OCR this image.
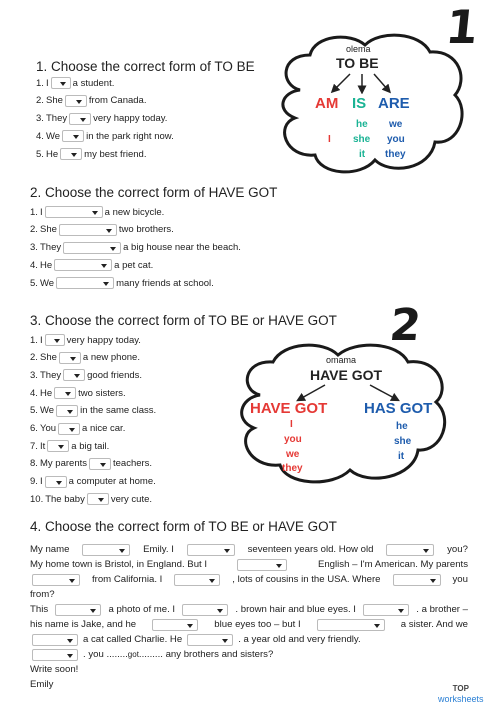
1
olema
TO BE
AM IS ARE
I
he
she
it
we
you
they
1. Choose the correct form of TO BE
1. I	a student.
2. She	from Canada.
3. They	very happy today.
4. We	in the park right now.
5. He	my best friend.
2. Choose the correct form of HAVE GOT
1. I	a new bicycle.
2. She	two brothers.
3. They	a big house near the beach.
4. He	a pet cat.
5. We	many friends at school.
3. Choose the correct form of TO BE or HAVE GOT
1. I	very happy today.
2. She	a new phone.
3. They	good friends.
4. He	two sisters.
5. We	in the same class.
6. You	a nice car.
7. It	a big tail.
8. My parents	teachers.
9. I	a computer at home.
10. The baby	very cute.
2
omama
HAVE GOT
HAVE GOT HAS GOT
I
you
we
they
he
she
it
4. Choose the correct form of TO BE or HAVE GOT
My name	Emily. I	seventeen years old. How old	you?
My home town is Bristol, in England. But I	English – I'm American. My parents
from California. I	, lots of cousins in the USA. Where	you
from?
This	a photo of me. I	. brown hair and blue eyes. I	. a brother –
his name is Jake, and he	blue eyes too – but I	a sister. And we
a cat called Charlie. He	. a year old and very friendly.
. you ........got......... any brothers and sisters?
Write soon!
Emily	TOP
worksheets
